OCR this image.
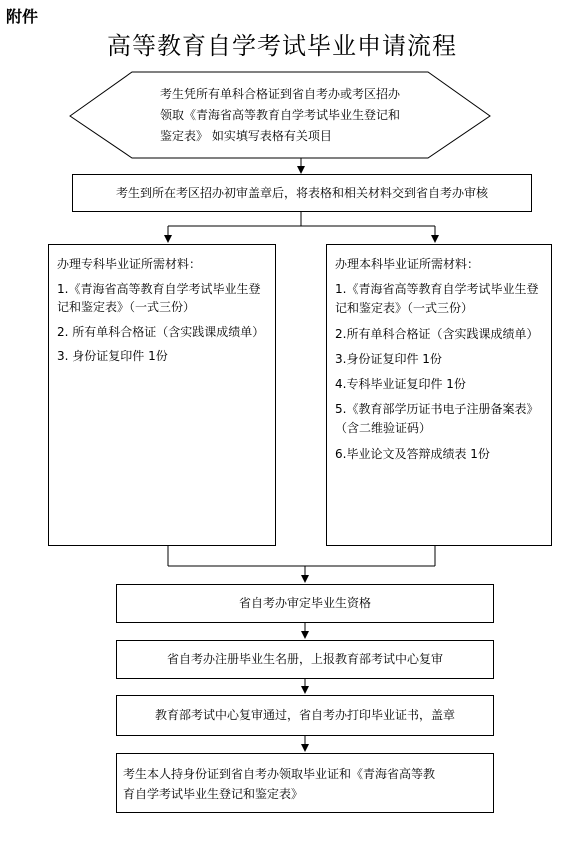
附件
高等教育自学考试毕业申请流程
考生凭所有单科合格证到省自考办或考区招办
领取《青海省高等教育自学考试毕业生登记和
鉴定表》 如实填写表格有关项目
考生到所在考区招办初审盖章后，将表格和相关材料交到省自考办审核
办理专科毕业证所需材料：
1.《青海省高等教育自学考试毕业生登记和鉴定表》（一式三份）
2. 所有单科合格证（含实践课成绩单）
3. 身份证复印件 1份
办理本科毕业证所需材料：
1.《青海省高等教育自学考试毕业生登记和鉴定表》（一式三份）
2.所有单科合格证（含实践课成绩单）
3.身份证复印件 1份
4.专科毕业证复印件 1份
5.《教育部学历证书电子注册备案表》（含二维验证码）
6.毕业论文及答辩成绩表 1份
省自考办审定毕业生资格
省自考办注册毕业生名册，上报教育部考试中心复审
教育部考试中心复审通过，省自考办打印毕业证书，盖章
考生本人持身份证到省自考办领取毕业证和《青海省高等教
育自学考试毕业生登记和鉴定表》
